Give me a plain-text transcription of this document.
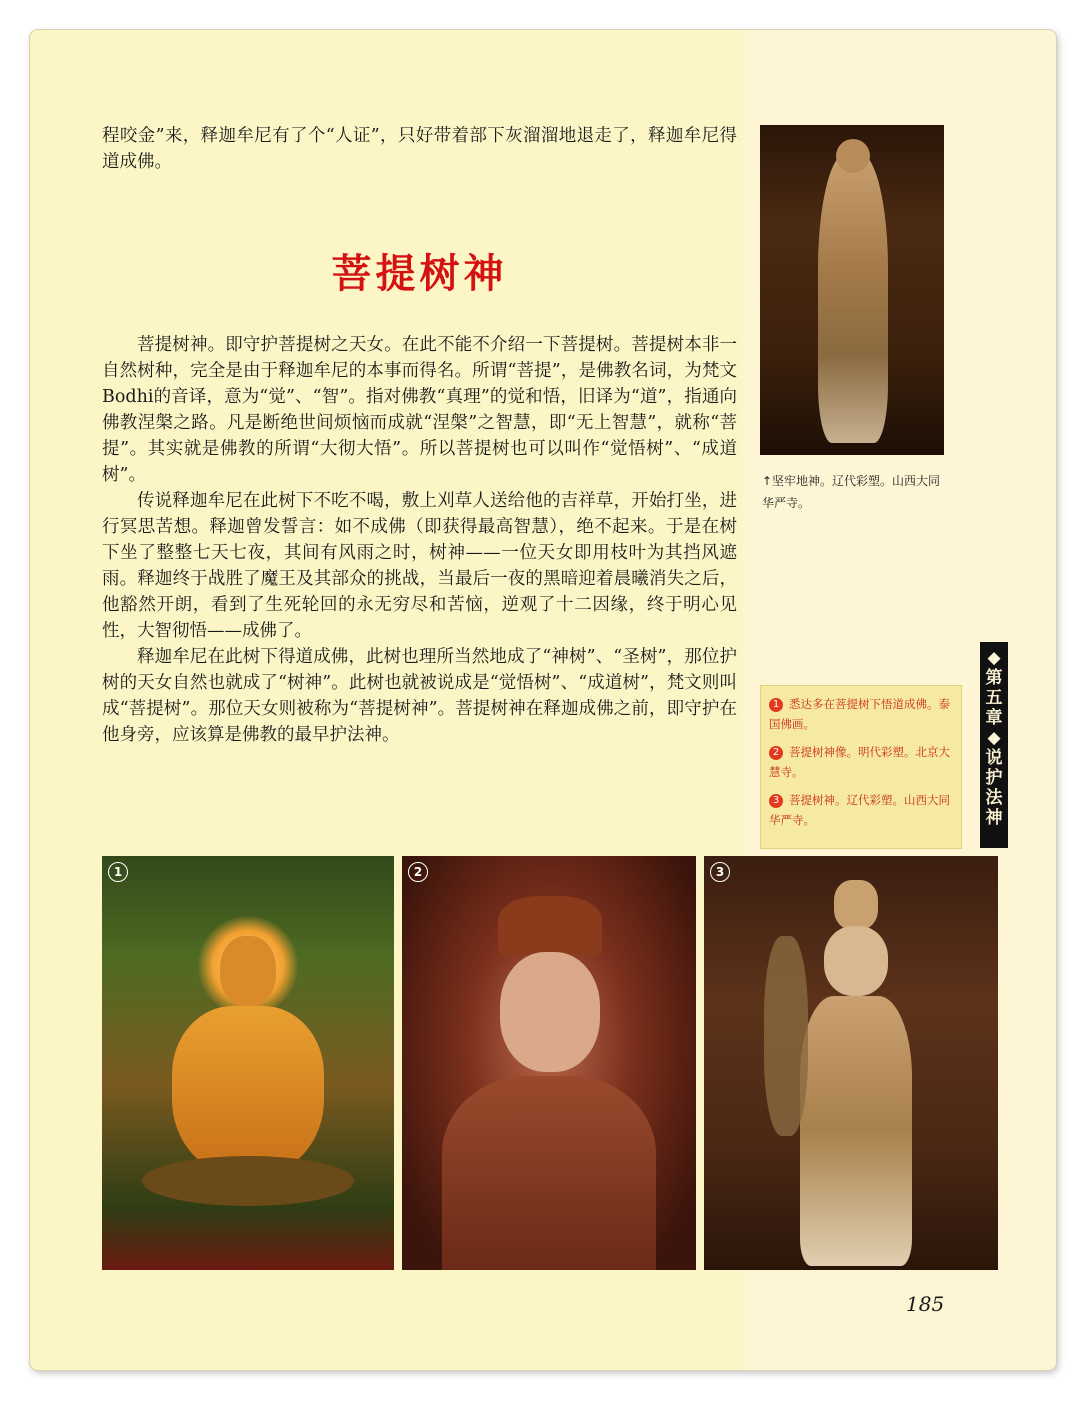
程咬金”来，释迦牟尼有了个“人证”，只好带着部下灰溜溜地退走了，释迦牟尼得道成佛。

菩提树神

菩提树神。即守护菩提树之天女。在此不能不介绍一下菩提树。菩提树本非一自然树种，完全是由于释迦牟尼的本事而得名。所谓“菩提”，是佛教名词，为梵文Bodhi的音译，意为“觉”、“智”。指对佛教“真理”的觉和悟，旧译为“道”，指通向佛教涅槃之路。凡是断绝世间烦恼而成就“涅槃”之智慧，即“无上智慧”，就称“菩提”。其实就是佛教的所谓“大彻大悟”。所以菩提树也可以叫作“觉悟树”、“成道树”。

传说释迦牟尼在此树下不吃不喝，敷上刈草人送给他的吉祥草，开始打坐，进行冥思苦想。释迦曾发誓言：如不成佛（即获得最高智慧），绝不起来。于是在树下坐了整整七天七夜，其间有风雨之时，树神——一位天女即用枝叶为其挡风遮雨。释迦终于战胜了魔王及其部众的挑战，当最后一夜的黑暗迎着晨曦消失之后，他豁然开朗，看到了生死轮回的永无穷尽和苦恼，逆观了十二因缘，终于明心见性，大智彻悟——成佛了。

释迦牟尼在此树下得道成佛，此树也理所当然地成了“神树”、“圣树”，那位护树的天女自然也就成了“树神”。此树也就被说成是“觉悟树”、“成道树”，梵文则叫成“菩提树”。那位天女则被称为“菩提树神”。菩提树神在释迦成佛之前，即守护在他身旁，应该算是佛教的最早护法神。

↑坚牢地神。辽代彩塑。山西大同华严寺。
◆
第
五
章
◆
说
护
法
神
1 悉达多在菩提树下悟道成佛。泰国佛画。
2 菩提树神像。明代彩塑。北京大慧寺。
3 菩提树神。辽代彩塑。山西大同华严寺。
1	2	3
185
